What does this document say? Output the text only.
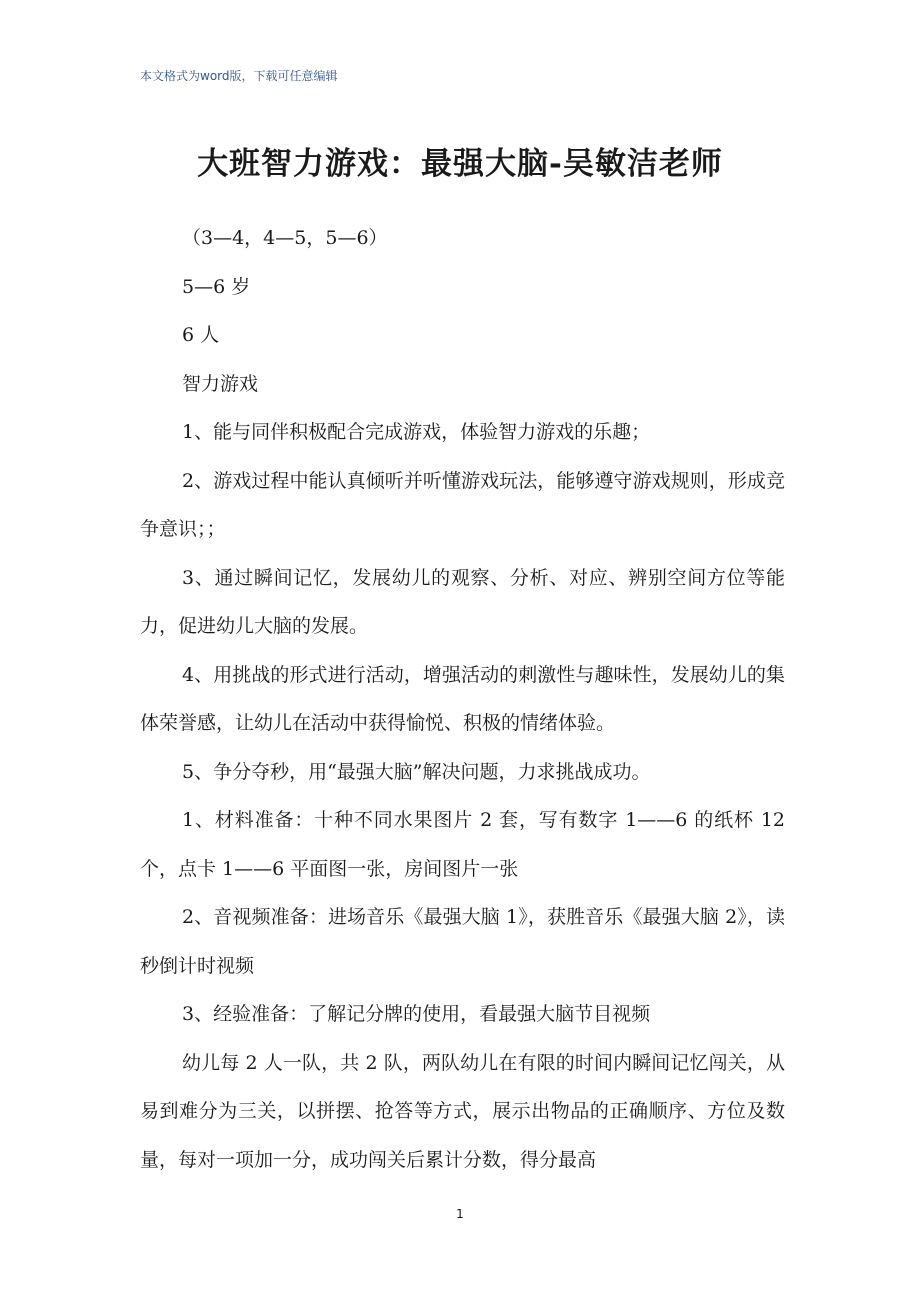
本文格式为word版，下载可任意编辑
大班智力游戏：最强大脑-吴敏洁老师

（3—4，4—5，5—6）

5—6 岁

6 人

智力游戏

1、能与同伴积极配合完成游戏，体验智力游戏的乐趣；

2、游戏过程中能认真倾听并听懂游戏玩法，能够遵守游戏规则，形成竞争意识；；

3、通过瞬间记忆，发展幼儿的观察、分析、对应、辨别空间方位等能力，促进幼儿大脑的发展。

4、用挑战的形式进行活动，增强活动的刺激性与趣味性，发展幼儿的集体荣誉感，让幼儿在活动中获得愉悦、积极的情绪体验。

5、争分夺秒，用“最强大脑”解决问题，力求挑战成功。

1、材料准备：十种不同水果图片 2 套，写有数字 1——6 的纸杯 12 个，点卡 1——6 平面图一张，房间图片一张

2、音视频准备：进场音乐《最强大脑 1》，获胜音乐《最强大脑 2》，读秒倒计时视频

3、经验准备：了解记分牌的使用，看最强大脑节目视频

幼儿每 2 人一队，共 2 队，两队幼儿在有限的时间内瞬间记忆闯关，从易到难分为三关，以拼摆、抢答等方式，展示出物品的正确顺序、方位及数量，每对一项加一分，成功闯关后累计分数，得分最高

1
